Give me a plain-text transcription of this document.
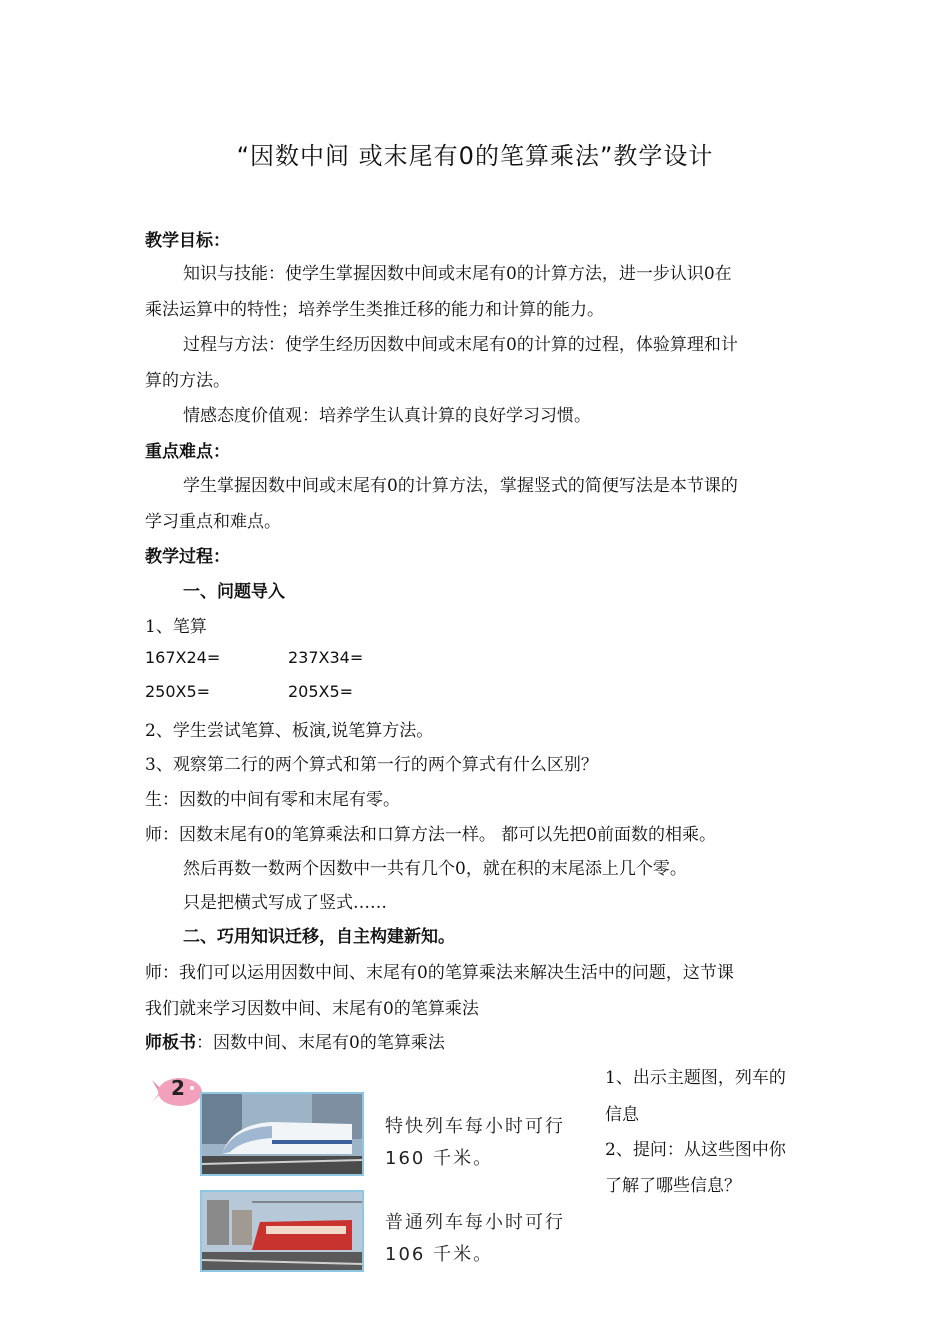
“因数中间 或末尾有0的笔算乘法”教学设计
教学目标：
知识与技能：使学生掌握因数中间或末尾有0的计算方法，进一步认识0在
乘法运算中的特性；培养学生类推迁移的能力和计算的能力。
过程与方法：使学生经历因数中间或末尾有0的计算的过程，体验算理和计
算的方法。
情感态度价值观：培养学生认真计算的良好学习习惯。
重点难点：
学生掌握因数中间或末尾有0的计算方法，掌握竖式的简便写法是本节课的
学习重点和难点。
教学过程：
一、问题导入
1、笔算
167X24=	237X34=
250X5=	205X5=
2、学生尝试笔算、板演,说笔算方法。
3、观察第二行的两个算式和第一行的两个算式有什么区别？
生：因数的中间有零和末尾有零。
师：因数末尾有0的笔算乘法和口算方法一样。 都可以先把0前面数的相乘。
然后再数一数两个因数中一共有几个0，就在积的末尾添上几个零。
只是把横式写成了竖式……
二、巧用知识迁移，自主构建新知。
师：我们可以运用因数中间、末尾有0的笔算乘法来解决生活中的问题，这节课
我们就来学习因数中间、末尾有0的笔算乘法
师板书：因数中间、末尾有0的笔算乘法
2
特快列车每小时可行
160 千米。
普通列车每小时可行
106 千米。
1、出示主题图，列车的
信息
2、提问：从这些图中你
了解了哪些信息？
